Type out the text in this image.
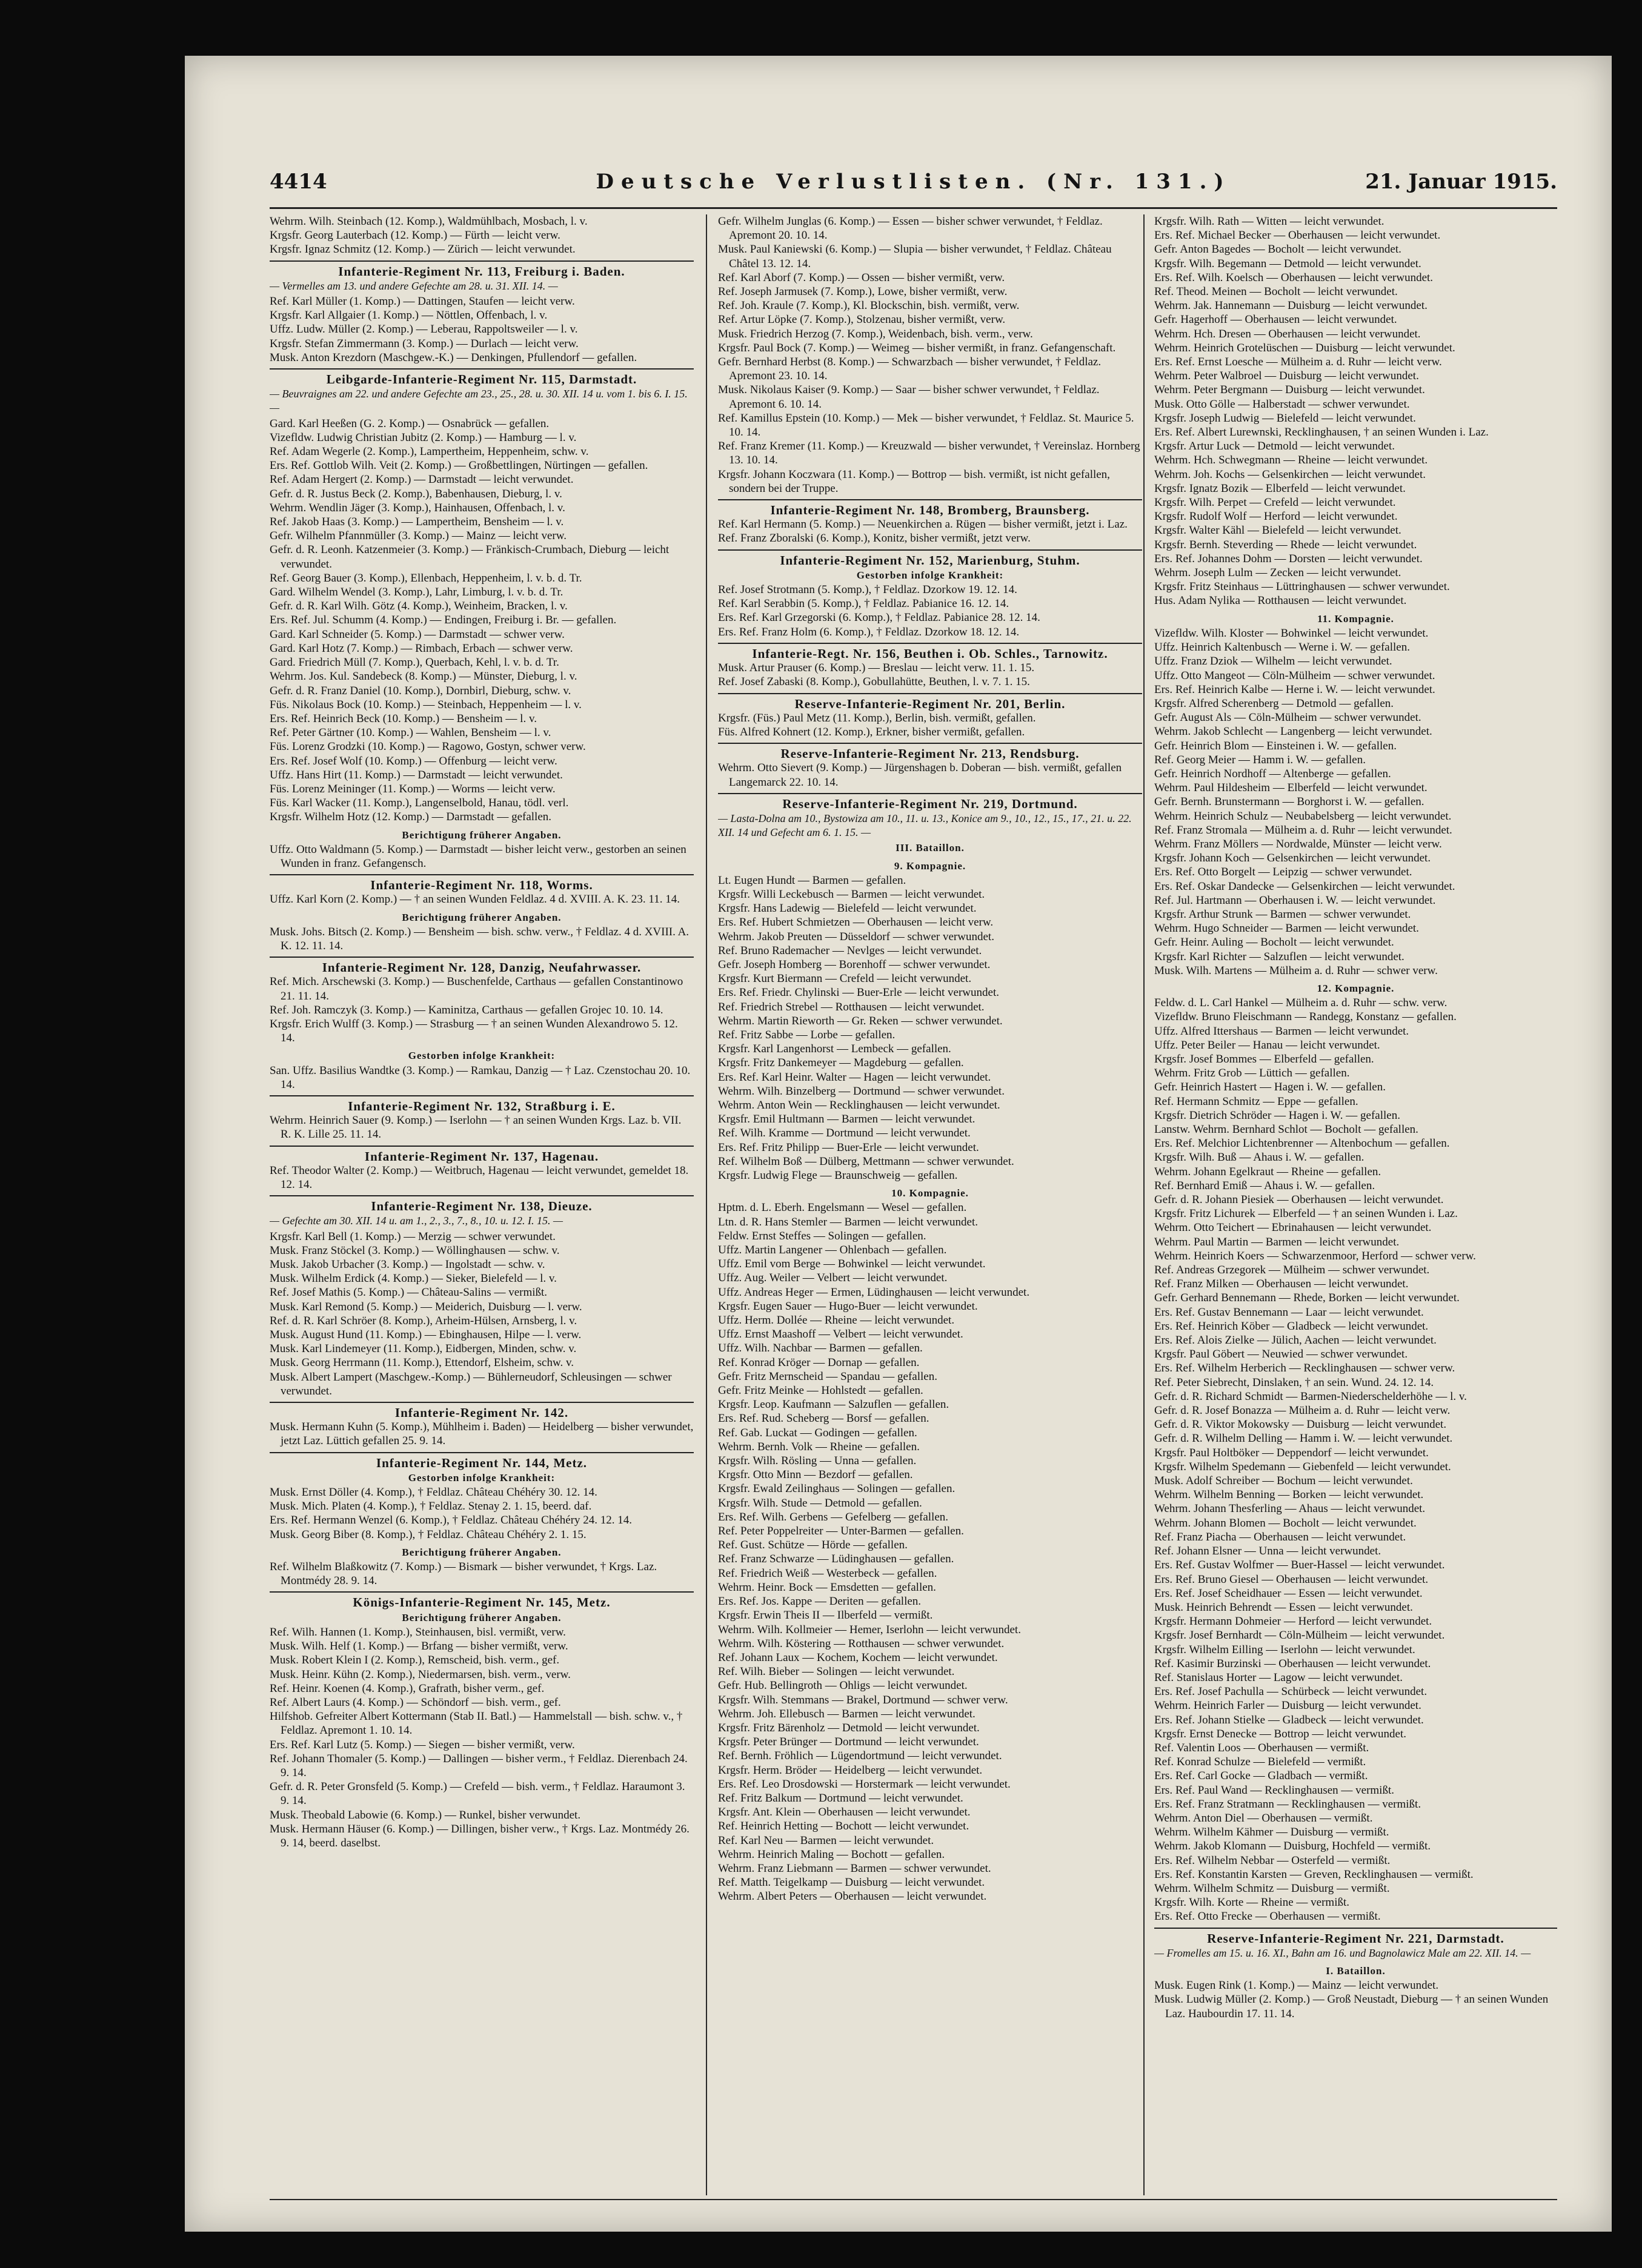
4414	Deutsche Verlustlisten. (Nr. 131.)	21. Januar 1915.
Wehrm. Wilh. Steinbach (12. Komp.), Waldmühlbach, Mosbach, l. v.
Krgsfr. Georg Lauterbach (12. Komp.) — Fürth — leicht verw.
Krgsfr. Ignaz Schmitz (12. Komp.) — Zürich — leicht verwundet.
Infanterie-Regiment Nr. 113, Freiburg i. Baden.
— Vermelles am 13. und andere Gefechte am 28. u. 31. XII. 14. —
Ref. Karl Müller (1. Komp.) — Dattingen, Staufen — leicht verw.
Krgsfr. Karl Allgaier (1. Komp.) — Nöttlen, Offenbach, l. v.
Uffz. Ludw. Müller (2. Komp.) — Leberau, Rappoltsweiler — l. v.
Krgsfr. Stefan Zimmermann (3. Komp.) — Durlach — leicht verw.
Musk. Anton Krezdorn (Maschgew.-K.) — Denkingen, Pfullendorf — gefallen.
Leibgarde-Infanterie-Regiment Nr. 115, Darmstadt.
— Beuvraignes am 22. und andere Gefechte am 23., 25., 28. u. 30. XII. 14 u. vom 1. bis 6. I. 15. —
Gard. Karl Heeßen (G. 2. Komp.) — Osnabrück — gefallen.
Vizefldw. Ludwig Christian Jubitz (2. Komp.) — Hamburg — l. v.
Ref. Adam Wegerle (2. Komp.), Lampertheim, Heppenheim, schw. v.
Ers. Ref. Gottlob Wilh. Veit (2. Komp.) — Großbettlingen, Nürtingen — gefallen.
Ref. Adam Hergert (2. Komp.) — Darmstadt — leicht verwundet.
Gefr. d. R. Justus Beck (2. Komp.), Babenhausen, Dieburg, l. v.
Wehrm. Wendlin Jäger (3. Komp.), Hainhausen, Offenbach, l. v.
Ref. Jakob Haas (3. Komp.) — Lampertheim, Bensheim — l. v.
Gefr. Wilhelm Pfannmüller (3. Komp.) — Mainz — leicht verw.
Gefr. d. R. Leonh. Katzenmeier (3. Komp.) — Fränkisch-Crumbach, Dieburg — leicht verwundet.
Ref. Georg Bauer (3. Komp.), Ellenbach, Heppenheim, l. v. b. d. Tr.
Gard. Wilhelm Wendel (3. Komp.), Lahr, Limburg, l. v. b. d. Tr.
Gefr. d. R. Karl Wilh. Götz (4. Komp.), Weinheim, Bracken, l. v.
Ers. Ref. Jul. Schumm (4. Komp.) — Endingen, Freiburg i. Br. — gefallen.
Gard. Karl Schneider (5. Komp.) — Darmstadt — schwer verw.
Gard. Karl Hotz (7. Komp.) — Rimbach, Erbach — schwer verw.
Gard. Friedrich Müll (7. Komp.), Querbach, Kehl, l. v. b. d. Tr.
Wehrm. Jos. Kul. Sandebeck (8. Komp.) — Münster, Dieburg, l. v.
Gefr. d. R. Franz Daniel (10. Komp.), Dornbirl, Dieburg, schw. v.
Füs. Nikolaus Bock (10. Komp.) — Steinbach, Heppenheim — l. v.
Ers. Ref. Heinrich Beck (10. Komp.) — Bensheim — l. v.
Ref. Peter Gärtner (10. Komp.) — Wahlen, Bensheim — l. v.
Füs. Lorenz Grodzki (10. Komp.) — Ragowo, Gostyn, schwer verw.
Ers. Ref. Josef Wolf (10. Komp.) — Offenburg — leicht verw.
Uffz. Hans Hirt (11. Komp.) — Darmstadt — leicht verwundet.
Füs. Lorenz Meininger (11. Komp.) — Worms — leicht verw.
Füs. Karl Wacker (11. Komp.), Langenselbold, Hanau, tödl. verl.
Krgsfr. Wilhelm Hotz (12. Komp.) — Darmstadt — gefallen.
Berichtigung früherer Angaben.
Uffz. Otto Waldmann (5. Komp.) — Darmstadt — bisher leicht verw., gestorben an seinen Wunden in franz. Gefangensch.
Infanterie-Regiment Nr. 118, Worms.
Uffz. Karl Korn (2. Komp.) — † an seinen Wunden Feldlaz. 4 d. XVIII. A. K. 23. 11. 14.
Berichtigung früherer Angaben.
Musk. Johs. Bitsch (2. Komp.) — Bensheim — bish. schw. verw., † Feldlaz. 4 d. XVIII. A. K. 12. 11. 14.
Infanterie-Regiment Nr. 128, Danzig, Neufahrwasser.
Ref. Mich. Arschewski (3. Komp.) — Buschenfelde, Carthaus — gefallen Constantinowo 21. 11. 14.
Ref. Joh. Ramczyk (3. Komp.) — Kaminitza, Carthaus — gefallen Grojec 10. 10. 14.
Krgsfr. Erich Wulff (3. Komp.) — Strasburg — † an seinen Wunden Alexandrowo 5. 12. 14.
Gestorben infolge Krankheit:
San. Uffz. Basilius Wandtke (3. Komp.) — Ramkau, Danzig — † Laz. Czenstochau 20. 10. 14.
Infanterie-Regiment Nr. 132, Straßburg i. E.
Wehrm. Heinrich Sauer (9. Komp.) — Iserlohn — † an seinen Wunden Krgs. Laz. b. VII. R. K. Lille 25. 11. 14.
Infanterie-Regiment Nr. 137, Hagenau.
Ref. Theodor Walter (2. Komp.) — Weitbruch, Hagenau — leicht verwundet, gemeldet 18. 12. 14.
Infanterie-Regiment Nr. 138, Dieuze.
— Gefechte am 30. XII. 14 u. am 1., 2., 3., 7., 8., 10. u. 12. I. 15. —
Krgsfr. Karl Bell (1. Komp.) — Merzig — schwer verwundet.
Musk. Franz Stöckel (3. Komp.) — Wöllinghausen — schw. v.
Musk. Jakob Urbacher (3. Komp.) — Ingolstadt — schw. v.
Musk. Wilhelm Erdick (4. Komp.) — Sieker, Bielefeld — l. v.
Ref. Josef Mathis (5. Komp.) — Château-Salins — vermißt.
Musk. Karl Remond (5. Komp.) — Meiderich, Duisburg — l. verw.
Ref. d. R. Karl Schröer (8. Komp.), Arheim-Hülsen, Arnsberg, l. v.
Musk. August Hund (11. Komp.) — Ebinghausen, Hilpe — l. verw.
Musk. Karl Lindemeyer (11. Komp.), Eidbergen, Minden, schw. v.
Musk. Georg Herrmann (11. Komp.), Ettendorf, Elsheim, schw. v.
Musk. Albert Lampert (Maschgew.-Komp.) — Bühlerneudorf, Schleusingen — schwer verwundet.
Infanterie-Regiment Nr. 142.
Musk. Hermann Kuhn (5. Komp.), Mühlheim i. Baden) — Heidelberg — bisher verwundet, jetzt Laz. Lüttich gefallen 25. 9. 14.
Infanterie-Regiment Nr. 144, Metz.
Gestorben infolge Krankheit:
Musk. Ernst Döller (4. Komp.), † Feldlaz. Château Chéhéry 30. 12. 14.
Musk. Mich. Platen (4. Komp.), † Feldlaz. Stenay 2. 1. 15, beerd. daf.
Ers. Ref. Hermann Wenzel (6. Komp.), † Feldlaz. Château Chéhéry 24. 12. 14.
Musk. Georg Biber (8. Komp.), † Feldlaz. Château Chéhéry 2. 1. 15.
Berichtigung früherer Angaben.
Ref. Wilhelm Blaßkowitz (7. Komp.) — Bismark — bisher verwundet, † Krgs. Laz. Montmédy 28. 9. 14.
Königs-Infanterie-Regiment Nr. 145, Metz.
Berichtigung früherer Angaben.
Ref. Wilh. Hannen (1. Komp.), Steinhausen, bisl. vermißt, verw.
Musk. Wilh. Helf (1. Komp.) — Brfang — bisher vermißt, verw.
Musk. Robert Klein I (2. Komp.), Remscheid, bish. verm., gef.
Musk. Heinr. Kühn (2. Komp.), Niedermarsen, bish. verm., verw.
Ref. Heinr. Koenen (4. Komp.), Grafrath, bisher verm., gef.
Ref. Albert Laurs (4. Komp.) — Schöndorf — bish. verm., gef.
Hilfshob. Gefreiter Albert Kottermann (Stab II. Batl.) — Hammelstall — bish. schw. v., † Feldlaz. Apremont 1. 10. 14.
Ers. Ref. Karl Lutz (5. Komp.) — Siegen — bisher vermißt, verw.
Ref. Johann Thomaler (5. Komp.) — Dallingen — bisher verm., † Feldlaz. Dierenbach 24. 9. 14.
Gefr. d. R. Peter Gronsfeld (5. Komp.) — Crefeld — bish. verm., † Feldlaz. Haraumont 3. 9. 14.
Musk. Theobald Labowie (6. Komp.) — Runkel, bisher verwundet.
Musk. Hermann Häuser (6. Komp.) — Dillingen, bisher verw., † Krgs. Laz. Montmédy 26. 9. 14, beerd. daselbst.
Gefr. Wilhelm Junglas (6. Komp.) — Essen — bisher schwer verwundet, † Feldlaz. Apremont 20. 10. 14.
Musk. Paul Kaniewski (6. Komp.) — Slupia — bisher verwundet, † Feldlaz. Château Châtel 13. 12. 14.
Ref. Karl Aborf (7. Komp.) — Ossen — bisher vermißt, verw.
Ref. Joseph Jarmusek (7. Komp.), Lowe, bisher vermißt, verw.
Ref. Joh. Kraule (7. Komp.), Kl. Blockschin, bish. vermißt, verw.
Ref. Artur Löpke (7. Komp.), Stolzenau, bisher vermißt, verw.
Musk. Friedrich Herzog (7. Komp.), Weidenbach, bish. verm., verw.
Krgsfr. Paul Bock (7. Komp.) — Weimeg — bisher vermißt, in franz. Gefangenschaft.
Gefr. Bernhard Herbst (8. Komp.) — Schwarzbach — bisher verwundet, † Feldlaz. Apremont 23. 10. 14.
Musk. Nikolaus Kaiser (9. Komp.) — Saar — bisher schwer verwundet, † Feldlaz. Apremont 6. 10. 14.
Ref. Kamillus Epstein (10. Komp.) — Mek — bisher verwundet, † Feldlaz. St. Maurice 5. 10. 14.
Ref. Franz Kremer (11. Komp.) — Kreuzwald — bisher verwundet, † Vereinslaz. Hornberg 13. 10. 14.
Krgsfr. Johann Koczwara (11. Komp.) — Bottrop — bish. vermißt, ist nicht gefallen, sondern bei der Truppe.
Infanterie-Regiment Nr. 148, Bromberg, Braunsberg.
Ref. Karl Hermann (5. Komp.) — Neuenkirchen a. Rügen — bisher vermißt, jetzt i. Laz.
Ref. Franz Zboralski (6. Komp.), Konitz, bisher vermißt, jetzt verw.
Infanterie-Regiment Nr. 152, Marienburg, Stuhm.
Gestorben infolge Krankheit:
Ref. Josef Strotmann (5. Komp.), † Feldlaz. Dzorkow 19. 12. 14.
Ref. Karl Serabbin (5. Komp.), † Feldlaz. Pabianice 16. 12. 14.
Ers. Ref. Karl Grzegorski (6. Komp.), † Feldlaz. Pabianice 28. 12. 14.
Ers. Ref. Franz Holm (6. Komp.), † Feldlaz. Dzorkow 18. 12. 14.
Infanterie-Regt. Nr. 156, Beuthen i. Ob. Schles., Tarnowitz.
Musk. Artur Prauser (6. Komp.) — Breslau — leicht verw. 11. 1. 15.
Ref. Josef Zabaski (8. Komp.), Gobullahütte, Beuthen, l. v. 7. 1. 15.
Reserve-Infanterie-Regiment Nr. 201, Berlin.
Krgsfr. (Füs.) Paul Metz (11. Komp.), Berlin, bish. vermißt, gefallen.
Füs. Alfred Kohnert (12. Komp.), Erkner, bisher vermißt, gefallen.
Reserve-Infanterie-Regiment Nr. 213, Rendsburg.
Wehrm. Otto Sievert (9. Komp.) — Jürgenshagen b. Doberan — bish. vermißt, gefallen Langemarck 22. 10. 14.
Reserve-Infanterie-Regiment Nr. 219, Dortmund.
— Lasta-Dolna am 10., Bystowiza am 10., 11. u. 13., Konice am 9., 10., 12., 15., 17., 21. u. 22. XII. 14 und Gefecht am 6. 1. 15. —
III. Bataillon.
9. Kompagnie.
Lt. Eugen Hundt — Barmen — gefallen.
Krgsfr. Willi Leckebusch — Barmen — leicht verwundet.
Krgsfr. Hans Ladewig — Bielefeld — leicht verwundet.
Ers. Ref. Hubert Schmietzen — Oberhausen — leicht verw.
Wehrm. Jakob Preuten — Düsseldorf — schwer verwundet.
Ref. Bruno Rademacher — Nevlges — leicht verwundet.
Gefr. Joseph Homberg — Borenhoff — schwer verwundet.
Krgsfr. Kurt Biermann — Crefeld — leicht verwundet.
Ers. Ref. Friedr. Chylinski — Buer-Erle — leicht verwundet.
Ref. Friedrich Strebel — Rotthausen — leicht verwundet.
Wehrm. Martin Rieworth — Gr. Reken — schwer verwundet.
Ref. Fritz Sabbe — Lorbe — gefallen.
Krgsfr. Karl Langenhorst — Lembeck — gefallen.
Krgsfr. Fritz Dankemeyer — Magdeburg — gefallen.
Ers. Ref. Karl Heinr. Walter — Hagen — leicht verwundet.
Wehrm. Wilh. Binzelberg — Dortmund — schwer verwundet.
Wehrm. Anton Wein — Recklinghausen — leicht verwundet.
Krgsfr. Emil Hultmann — Barmen — leicht verwundet.
Ref. Wilh. Kramme — Dortmund — leicht verwundet.
Ers. Ref. Fritz Philipp — Buer-Erle — leicht verwundet.
Ref. Wilhelm Boß — Dülberg, Mettmann — schwer verwundet.
Krgsfr. Ludwig Flege — Braunschweig — gefallen.
10. Kompagnie.
Hptm. d. L. Eberh. Engelsmann — Wesel — gefallen.
Ltn. d. R. Hans Stemler — Barmen — leicht verwundet.
Feldw. Ernst Steffes — Solingen — gefallen.
Uffz. Martin Langener — Ohlenbach — gefallen.
Uffz. Emil vom Berge — Bohwinkel — leicht verwundet.
Uffz. Aug. Weiler — Velbert — leicht verwundet.
Uffz. Andreas Heger — Ermen, Lüdinghausen — leicht verwundet.
Krgsfr. Eugen Sauer — Hugo-Buer — leicht verwundet.
Uffz. Herm. Dollée — Rheine — leicht verwundet.
Uffz. Ernst Maashoff — Velbert — leicht verwundet.
Uffz. Wilh. Nachbar — Barmen — gefallen.
Ref. Konrad Kröger — Dornap — gefallen.
Gefr. Fritz Mernscheid — Spandau — gefallen.
Gefr. Fritz Meinke — Hohlstedt — gefallen.
Krgsfr. Leop. Kaufmann — Salzuflen — gefallen.
Ers. Ref. Rud. Scheberg — Borsf — gefallen.
Ref. Gab. Luckat — Godingen — gefallen.
Wehrm. Bernh. Volk — Rheine — gefallen.
Krgsfr. Wilh. Rösling — Unna — gefallen.
Krgsfr. Otto Minn — Bezdorf — gefallen.
Krgsfr. Ewald Zeilinghaus — Solingen — gefallen.
Krgsfr. Wilh. Stude — Detmold — gefallen.
Ers. Ref. Wilh. Gerbens — Gefelberg — gefallen.
Ref. Peter Poppelreiter — Unter-Barmen — gefallen.
Ref. Gust. Schütze — Hörde — gefallen.
Ref. Franz Schwarze — Lüdinghausen — gefallen.
Ref. Friedrich Weiß — Westerbeck — gefallen.
Wehrm. Heinr. Bock — Emsdetten — gefallen.
Ers. Ref. Jos. Kappe — Deriten — gefallen.
Krgsfr. Erwin Theis II — Ilberfeld — vermißt.
Wehrm. Wilh. Kollmeier — Hemer, Iserlohn — leicht verwundet.
Wehrm. Wilh. Köstering — Rotthausen — schwer verwundet.
Ref. Johann Laux — Kochem, Kochem — leicht verwundet.
Ref. Wilh. Bieber — Solingen — leicht verwundet.
Gefr. Hub. Bellingroth — Ohligs — leicht verwundet.
Krgsfr. Wilh. Stemmans — Brakel, Dortmund — schwer verw.
Wehrm. Joh. Ellebusch — Barmen — leicht verwundet.
Krgsfr. Fritz Bärenholz — Detmold — leicht verwundet.
Krgsfr. Peter Brünger — Dortmund — leicht verwundet.
Ref. Bernh. Fröhlich — Lügendortmund — leicht verwundet.
Krgsfr. Herm. Bröder — Heidelberg — leicht verwundet.
Ers. Ref. Leo Drosdowski — Horstermark — leicht verwundet.
Ref. Fritz Balkum — Dortmund — leicht verwundet.
Krgsfr. Ant. Klein — Oberhausen — leicht verwundet.
Ref. Heinrich Hetting — Bochott — leicht verwundet.
Ref. Karl Neu — Barmen — leicht verwundet.
Wehrm. Heinrich Maling — Bochott — gefallen.
Wehrm. Franz Liebmann — Barmen — schwer verwundet.
Ref. Matth. Teigelkamp — Duisburg — leicht verwundet.
Wehrm. Albert Peters — Oberhausen — leicht verwundet.
Krgsfr. Wilh. Rath — Witten — leicht verwundet.
Ers. Ref. Michael Becker — Oberhausen — leicht verwundet.
Gefr. Anton Bagedes — Bocholt — leicht verwundet.
Krgsfr. Wilh. Begemann — Detmold — leicht verwundet.
Ers. Ref. Wilh. Koelsch — Oberhausen — leicht verwundet.
Ref. Theod. Meinen — Bocholt — leicht verwundet.
Wehrm. Jak. Hannemann — Duisburg — leicht verwundet.
Gefr. Hagerhoff — Oberhausen — leicht verwundet.
Wehrm. Hch. Dresen — Oberhausen — leicht verwundet.
Wehrm. Heinrich Grotelüschen — Duisburg — leicht verwundet.
Ers. Ref. Ernst Loesche — Mülheim a. d. Ruhr — leicht verw.
Wehrm. Peter Walbroel — Duisburg — leicht verwundet.
Wehrm. Peter Bergmann — Duisburg — leicht verwundet.
Musk. Otto Gölle — Halberstadt — schwer verwundet.
Krgsfr. Joseph Ludwig — Bielefeld — leicht verwundet.
Ers. Ref. Albert Lurewnski, Recklinghausen, † an seinen Wunden i. Laz.
Krgsfr. Artur Luck — Detmold — leicht verwundet.
Wehrm. Hch. Schwegmann — Rheine — leicht verwundet.
Wehrm. Joh. Kochs — Gelsenkirchen — leicht verwundet.
Krgsfr. Ignatz Bozik — Elberfeld — leicht verwundet.
Krgsfr. Wilh. Perpet — Crefeld — leicht verwundet.
Krgsfr. Rudolf Wolf — Herford — leicht verwundet.
Krgsfr. Walter Kähl — Bielefeld — leicht verwundet.
Krgsfr. Bernh. Steverding — Rhede — leicht verwundet.
Ers. Ref. Johannes Dohm — Dorsten — leicht verwundet.
Wehrm. Joseph Lulm — Zecken — leicht verwundet.
Krgsfr. Fritz Steinhaus — Lüttringhausen — schwer verwundet.
Hus. Adam Nylika — Rotthausen — leicht verwundet.
11. Kompagnie.
Vizefldw. Wilh. Kloster — Bohwinkel — leicht verwundet.
Uffz. Heinrich Kaltenbusch — Werne i. W. — gefallen.
Uffz. Franz Dziok — Wilhelm — leicht verwundet.
Uffz. Otto Mangeot — Cöln-Mülheim — schwer verwundet.
Ers. Ref. Heinrich Kalbe — Herne i. W. — leicht verwundet.
Krgsfr. Alfred Scherenberg — Detmold — gefallen.
Gefr. August Als — Cöln-Mülheim — schwer verwundet.
Wehrm. Jakob Schlecht — Langenberg — leicht verwundet.
Gefr. Heinrich Blom — Einsteinen i. W. — gefallen.
Ref. Georg Meier — Hamm i. W. — gefallen.
Gefr. Heinrich Nordhoff — Altenberge — gefallen.
Wehrm. Paul Hildesheim — Elberfeld — leicht verwundet.
Gefr. Bernh. Brunstermann — Borghorst i. W. — gefallen.
Wehrm. Heinrich Schulz — Neubabelsberg — leicht verwundet.
Ref. Franz Stromala — Mülheim a. d. Ruhr — leicht verwundet.
Wehrm. Franz Möllers — Nordwalde, Münster — leicht verw.
Krgsfr. Johann Koch — Gelsenkirchen — leicht verwundet.
Ers. Ref. Otto Borgelt — Leipzig — schwer verwundet.
Ers. Ref. Oskar Dandecke — Gelsenkirchen — leicht verwundet.
Ref. Jul. Hartmann — Oberhausen i. W. — leicht verwundet.
Krgsfr. Arthur Strunk — Barmen — schwer verwundet.
Wehrm. Hugo Schneider — Barmen — leicht verwundet.
Gefr. Heinr. Auling — Bocholt — leicht verwundet.
Krgsfr. Karl Richter — Salzuflen — leicht verwundet.
Musk. Wilh. Martens — Mülheim a. d. Ruhr — schwer verw.
12. Kompagnie.
Feldw. d. L. Carl Hankel — Mülheim a. d. Ruhr — schw. verw.
Vizefldw. Bruno Fleischmann — Randegg, Konstanz — gefallen.
Uffz. Alfred Ittershaus — Barmen — leicht verwundet.
Uffz. Peter Beiler — Hanau — leicht verwundet.
Krgsfr. Josef Bommes — Elberfeld — gefallen.
Wehrm. Fritz Grob — Lüttich — gefallen.
Gefr. Heinrich Hastert — Hagen i. W. — gefallen.
Ref. Hermann Schmitz — Eppe — gefallen.
Krgsfr. Dietrich Schröder — Hagen i. W. — gefallen.
Lanstw. Wehrm. Bernhard Schlot — Bocholt — gefallen.
Ers. Ref. Melchior Lichtenbrenner — Altenbochum — gefallen.
Krgsfr. Wilh. Buß — Ahaus i. W. — gefallen.
Wehrm. Johann Egelkraut — Rheine — gefallen.
Ref. Bernhard Emiß — Ahaus i. W. — gefallen.
Gefr. d. R. Johann Piesiek — Oberhausen — leicht verwundet.
Krgsfr. Fritz Lichurek — Elberfeld — † an seinen Wunden i. Laz.
Wehrm. Otto Teichert — Ebrinahausen — leicht verwundet.
Wehrm. Paul Martin — Barmen — leicht verwundet.
Wehrm. Heinrich Koers — Schwarzenmoor, Herford — schwer verw.
Ref. Andreas Grzegorek — Mülheim — schwer verwundet.
Ref. Franz Milken — Oberhausen — leicht verwundet.
Gefr. Gerhard Bennemann — Rhede, Borken — leicht verwundet.
Ers. Ref. Gustav Bennemann — Laar — leicht verwundet.
Ers. Ref. Heinrich Köber — Gladbeck — leicht verwundet.
Ers. Ref. Alois Zielke — Jülich, Aachen — leicht verwundet.
Krgsfr. Paul Göbert — Neuwied — schwer verwundet.
Ers. Ref. Wilhelm Herberich — Recklinghausen — schwer verw.
Ref. Peter Siebrecht, Dinslaken, † an sein. Wund. 24. 12. 14.
Gefr. d. R. Richard Schmidt — Barmen-Niederschelderhöhe — l. v.
Gefr. d. R. Josef Bonazza — Mülheim a. d. Ruhr — leicht verw.
Gefr. d. R. Viktor Mokowsky — Duisburg — leicht verwundet.
Gefr. d. R. Wilhelm Delling — Hamm i. W. — leicht verwundet.
Krgsfr. Paul Holtböker — Deppendorf — leicht verwundet.
Krgsfr. Wilhelm Spedemann — Giebenfeld — leicht verwundet.
Musk. Adolf Schreiber — Bochum — leicht verwundet.
Wehrm. Wilhelm Benning — Borken — leicht verwundet.
Wehrm. Johann Thesferling — Ahaus — leicht verwundet.
Wehrm. Johann Blomen — Bocholt — leicht verwundet.
Ref. Franz Piacha — Oberhausen — leicht verwundet.
Ref. Johann Elsner — Unna — leicht verwundet.
Ers. Ref. Gustav Wolfmer — Buer-Hassel — leicht verwundet.
Ers. Ref. Bruno Giesel — Oberhausen — leicht verwundet.
Ers. Ref. Josef Scheidhauer — Essen — leicht verwundet.
Musk. Heinrich Behrendt — Essen — leicht verwundet.
Krgsfr. Hermann Dohmeier — Herford — leicht verwundet.
Krgsfr. Josef Bernhardt — Cöln-Mülheim — leicht verwundet.
Krgsfr. Wilhelm Eilling — Iserlohn — leicht verwundet.
Ref. Kasimir Burzinski — Oberhausen — leicht verwundet.
Ref. Stanislaus Horter — Lagow — leicht verwundet.
Ers. Ref. Josef Pachulla — Schürbeck — leicht verwundet.
Wehrm. Heinrich Farler — Duisburg — leicht verwundet.
Ers. Ref. Johann Stielke — Gladbeck — leicht verwundet.
Krgsfr. Ernst Denecke — Bottrop — leicht verwundet.
Ref. Valentin Loos — Oberhausen — vermißt.
Ref. Konrad Schulze — Bielefeld — vermißt.
Ers. Ref. Carl Gocke — Gladbach — vermißt.
Ers. Ref. Paul Wand — Recklinghausen — vermißt.
Ers. Ref. Franz Stratmann — Recklinghausen — vermißt.
Wehrm. Anton Diel — Oberhausen — vermißt.
Wehrm. Wilhelm Kähmer — Duisburg — vermißt.
Wehrm. Jakob Klomann — Duisburg, Hochfeld — vermißt.
Ers. Ref. Wilhelm Nebbar — Osterfeld — vermißt.
Ers. Ref. Konstantin Karsten — Greven, Recklinghausen — vermißt.
Wehrm. Wilhelm Schmitz — Duisburg — vermißt.
Krgsfr. Wilh. Korte — Rheine — vermißt.
Ers. Ref. Otto Frecke — Oberhausen — vermißt.
Reserve-Infanterie-Regiment Nr. 221, Darmstadt.
— Fromelles am 15. u. 16. XI., Bahn am 16. und Bagnolawicz Male am 22. XII. 14. —
I. Bataillon.
Musk. Eugen Rink (1. Komp.) — Mainz — leicht verwundet.
Musk. Ludwig Müller (2. Komp.) — Groß Neustadt, Dieburg — † an seinen Wunden Laz. Haubourdin 17. 11. 14.
